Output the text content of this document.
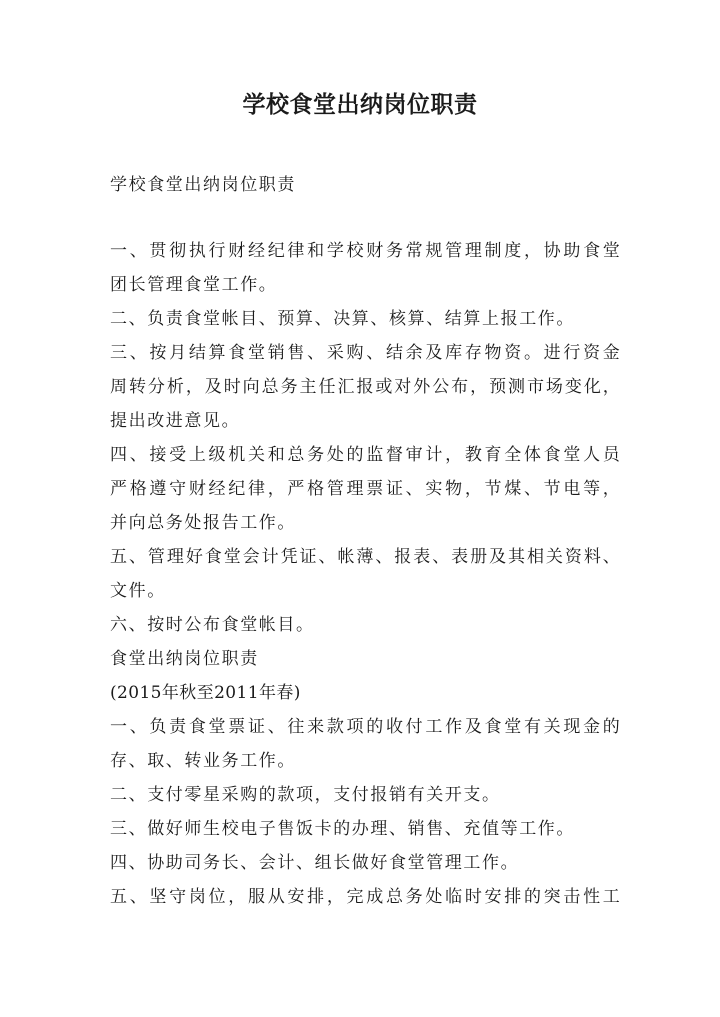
学校食堂出纳岗位职责
学校食堂出纳岗位职责
一、贯彻执行财经纪律和学校财务常规管理制度，协助食堂
团长管理食堂工作。
二、负责食堂帐目、预算、决算、核算、结算上报工作。
三、按月结算食堂销售、采购、结余及库存物资。进行资金
周转分析，及时向总务主任汇报或对外公布，预测市场变化，
提出改进意见。
四、接受上级机关和总务处的监督审计，教育全体食堂人员
严格遵守财经纪律，严格管理票证、实物，节煤、节电等，
并向总务处报告工作。
五、管理好食堂会计凭证、帐薄、报表、表册及其相关资料、
文件。
六、按时公布食堂帐目。
食堂出纳岗位职责
(2015年秋至2011年春)
一、负责食堂票证、往来款项的收付工作及食堂有关现金的
存、取、转业务工作。
二、支付零星采购的款项，支付报销有关开支。
三、做好师生校电子售饭卡的办理、销售、充值等工作。
四、协助司务长、会计、组长做好食堂管理工作。
五、坚守岗位，服从安排，完成总务处临时安排的突击性工
